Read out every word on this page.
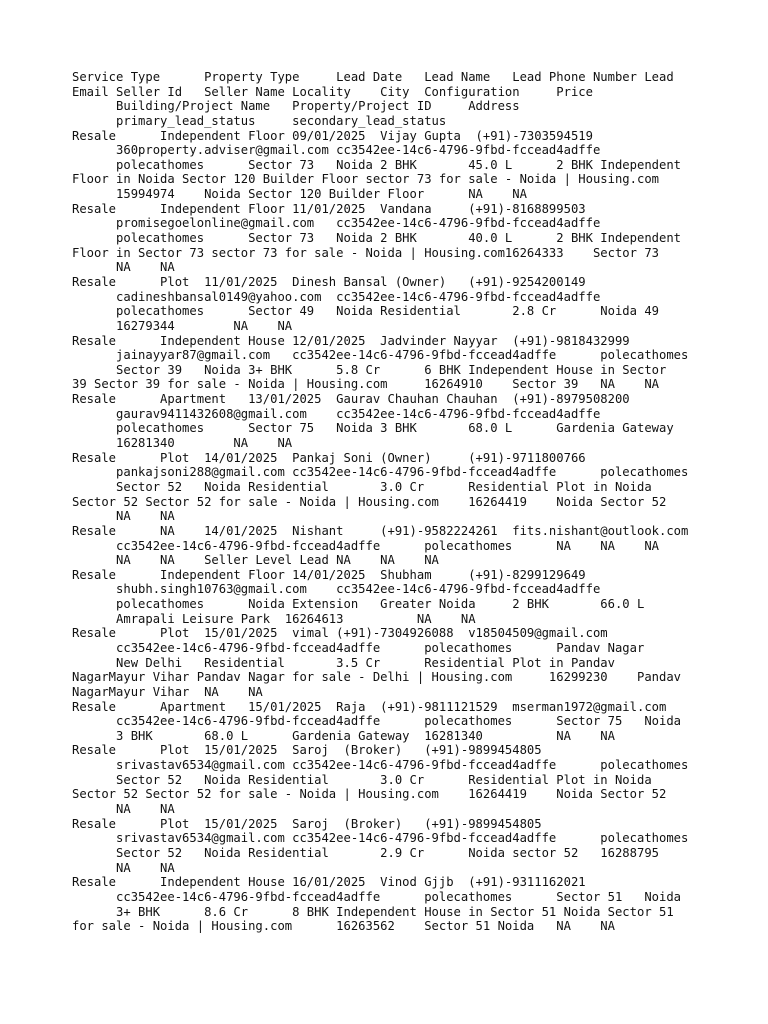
Service Type      Property Type     Lead Date   Lead Name   Lead Phone Number Lead
Email Seller Id   Seller Name Locality    City  Configuration     Price
Building/Project Name   Property/Project ID     Address
primary_lead_status     secondary_lead_status
Resale      Independent Floor 09/01/2025  Vijay Gupta  (+91)-7303594519
360property.adviser@gmail.com cc3542ee-14c6-4796-9fbd-fccead4adffe
polecathomes      Sector 73   Noida 2 BHK       45.0 L      2 BHK Independent
Floor in Noida Sector 120 Builder Floor sector 73 for sale - Noida | Housing.com
15994974    Noida Sector 120 Builder Floor      NA    NA
Resale      Independent Floor 11/01/2025  Vandana     (+91)-8168899503
promisegoelonline@gmail.com   cc3542ee-14c6-4796-9fbd-fccead4adffe
polecathomes      Sector 73   Noida 2 BHK       40.0 L      2 BHK Independent
Floor in Sector 73 sector 73 for sale - Noida | Housing.com16264333    Sector 73
NA    NA
Resale      Plot  11/01/2025  Dinesh Bansal (Owner)   (+91)-9254200149
cadineshbansal0149@yahoo.com  cc3542ee-14c6-4796-9fbd-fccead4adffe
polecathomes      Sector 49   Noida Residential       2.8 Cr      Noida 49
16279344        NA    NA
Resale      Independent House 12/01/2025  Jadvinder Nayyar  (+91)-9818432999
jainayyar87@gmail.com   cc3542ee-14c6-4796-9fbd-fccead4adffe      polecathomes
Sector 39   Noida 3+ BHK      5.8 Cr      6 BHK Independent House in Sector
39 Sector 39 for sale - Noida | Housing.com     16264910    Sector 39   NA    NA
Resale      Apartment   13/01/2025  Gaurav Chauhan Chauhan  (+91)-8979508200
gaurav9411432608@gmail.com    cc3542ee-14c6-4796-9fbd-fccead4adffe
polecathomes      Sector 75   Noida 3 BHK       68.0 L      Gardenia Gateway
16281340        NA    NA
Resale      Plot  14/01/2025  Pankaj Soni (Owner)     (+91)-9711800766
pankajsoni288@gmail.com cc3542ee-14c6-4796-9fbd-fccead4adffe      polecathomes
Sector 52   Noida Residential       3.0 Cr      Residential Plot in Noida
Sector 52 Sector 52 for sale - Noida | Housing.com    16264419    Noida Sector 52
NA    NA
Resale      NA    14/01/2025  Nishant     (+91)-9582224261  fits.nishant@outlook.com
cc3542ee-14c6-4796-9fbd-fccead4adffe      polecathomes      NA    NA    NA
NA    NA    Seller Level Lead NA    NA    NA
Resale      Independent Floor 14/01/2025  Shubham     (+91)-8299129649
shubh.singh10763@gmail.com    cc3542ee-14c6-4796-9fbd-fccead4adffe
polecathomes      Noida Extension   Greater Noida     2 BHK       66.0 L
Amrapali Leisure Park  16264613          NA    NA
Resale      Plot  15/01/2025  vimal (+91)-7304926088  v18504509@gmail.com
cc3542ee-14c6-4796-9fbd-fccead4adffe      polecathomes      Pandav Nagar
New Delhi   Residential       3.5 Cr      Residential Plot in Pandav
NagarMayur Vihar Pandav Nagar for sale - Delhi | Housing.com     16299230    Pandav
NagarMayur Vihar  NA    NA
Resale      Apartment   15/01/2025  Raja  (+91)-9811121529  mserman1972@gmail.com
cc3542ee-14c6-4796-9fbd-fccead4adffe      polecathomes      Sector 75   Noida
3 BHK       68.0 L      Gardenia Gateway  16281340          NA    NA
Resale      Plot  15/01/2025  Saroj  (Broker)   (+91)-9899454805
srivastav6534@gmail.com cc3542ee-14c6-4796-9fbd-fccead4adffe      polecathomes
Sector 52   Noida Residential       3.0 Cr      Residential Plot in Noida
Sector 52 Sector 52 for sale - Noida | Housing.com    16264419    Noida Sector 52
NA    NA
Resale      Plot  15/01/2025  Saroj  (Broker)   (+91)-9899454805
srivastav6534@gmail.com cc3542ee-14c6-4796-9fbd-fccead4adffe      polecathomes
Sector 52   Noida Residential       2.9 Cr      Noida sector 52   16288795
NA    NA
Resale      Independent House 16/01/2025  Vinod Gjjb  (+91)-9311162021
cc3542ee-14c6-4796-9fbd-fccead4adffe      polecathomes      Sector 51   Noida
3+ BHK      8.6 Cr      8 BHK Independent House in Sector 51 Noida Sector 51
for sale - Noida | Housing.com      16263562    Sector 51 Noida   NA    NA
